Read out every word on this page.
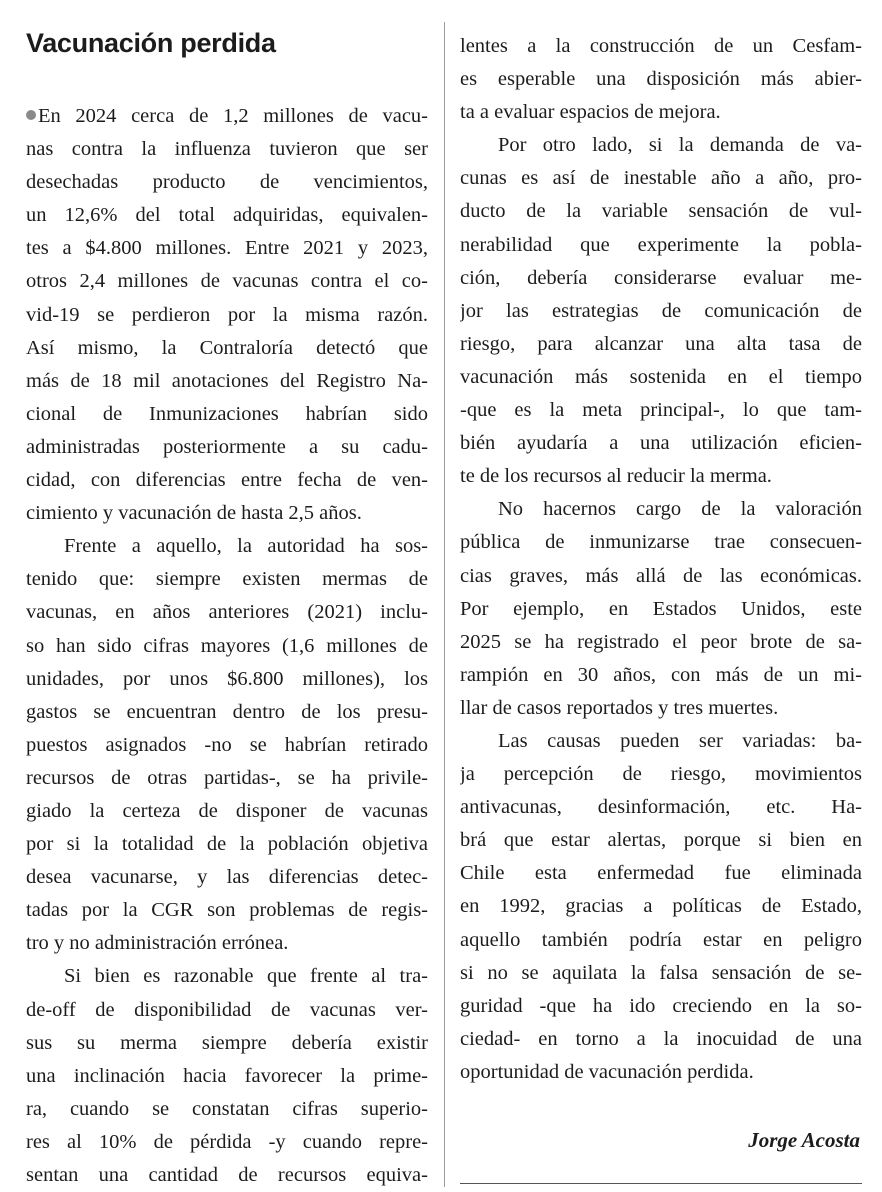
Vacunación perdida
En 2024 cerca de 1,2 millones de vacu-
nas contra la influenza tuvieron que ser
desechadas producto de vencimientos,
un 12,6% del total adquiridas, equivalen-
tes a $4.800 millones. Entre 2021 y 2023,
otros 2,4 millones de vacunas contra el co-
vid-19 se perdieron por la misma razón.
Así mismo, la Contraloría detectó que
más de 18 mil anotaciones del Registro Na-
cional de Inmunizaciones habrían sido
administradas posteriormente a su cadu-
cidad, con diferencias entre fecha de ven-
cimiento y vacunación de hasta 2,5 años.
Frente a aquello, la autoridad ha sos-
tenido que: siempre existen mermas de
vacunas, en años anteriores (2021) inclu-
so han sido cifras mayores (1,6 millones de
unidades, por unos $6.800 millones), los
gastos se encuentran dentro de los presu-
puestos asignados -no se habrían retirado
recursos de otras partidas-, se ha privile-
giado la certeza de disponer de vacunas
por si la totalidad de la población objetiva
desea vacunarse, y las diferencias detec-
tadas por la CGR son problemas de regis-
tro y no administración errónea.
Si bien es razonable que frente al tra-
de-off de disponibilidad de vacunas ver-
sus su merma siempre debería existir
una inclinación hacia favorecer la prime-
ra, cuando se constatan cifras superio-
res al 10% de pérdida -y cuando repre-
sentan una cantidad de recursos equiva-
lentes a la construcción de un Cesfam-
es esperable una disposición más abier-
ta a evaluar espacios de mejora.
Por otro lado, si la demanda de va-
cunas es así de inestable año a año, pro-
ducto de la variable sensación de vul-
nerabilidad que experimente la pobla-
ción, debería considerarse evaluar me-
jor las estrategias de comunicación de
riesgo, para alcanzar una alta tasa de
vacunación más sostenida en el tiempo
-que es la meta principal-, lo que tam-
bién ayudaría a una utilización eficien-
te de los recursos al reducir la merma.
No hacernos cargo de la valoración
pública de inmunizarse trae consecuen-
cias graves, más allá de las económicas.
Por ejemplo, en Estados Unidos, este
2025 se ha registrado el peor brote de sa-
rampión en 30 años, con más de un mi-
llar de casos reportados y tres muertes.
Las causas pueden ser variadas: ba-
ja percepción de riesgo, movimientos
antivacunas, desinformación, etc. Ha-
brá que estar alertas, porque si bien en
Chile esta enfermedad fue eliminada
en 1992, gracias a políticas de Estado,
aquello también podría estar en peligro
si no se aquilata la falsa sensación de se-
guridad -que ha ido creciendo en la so-
ciedad- en torno a la inocuidad de una
oportunidad de vacunación perdida.
Jorge Acosta
